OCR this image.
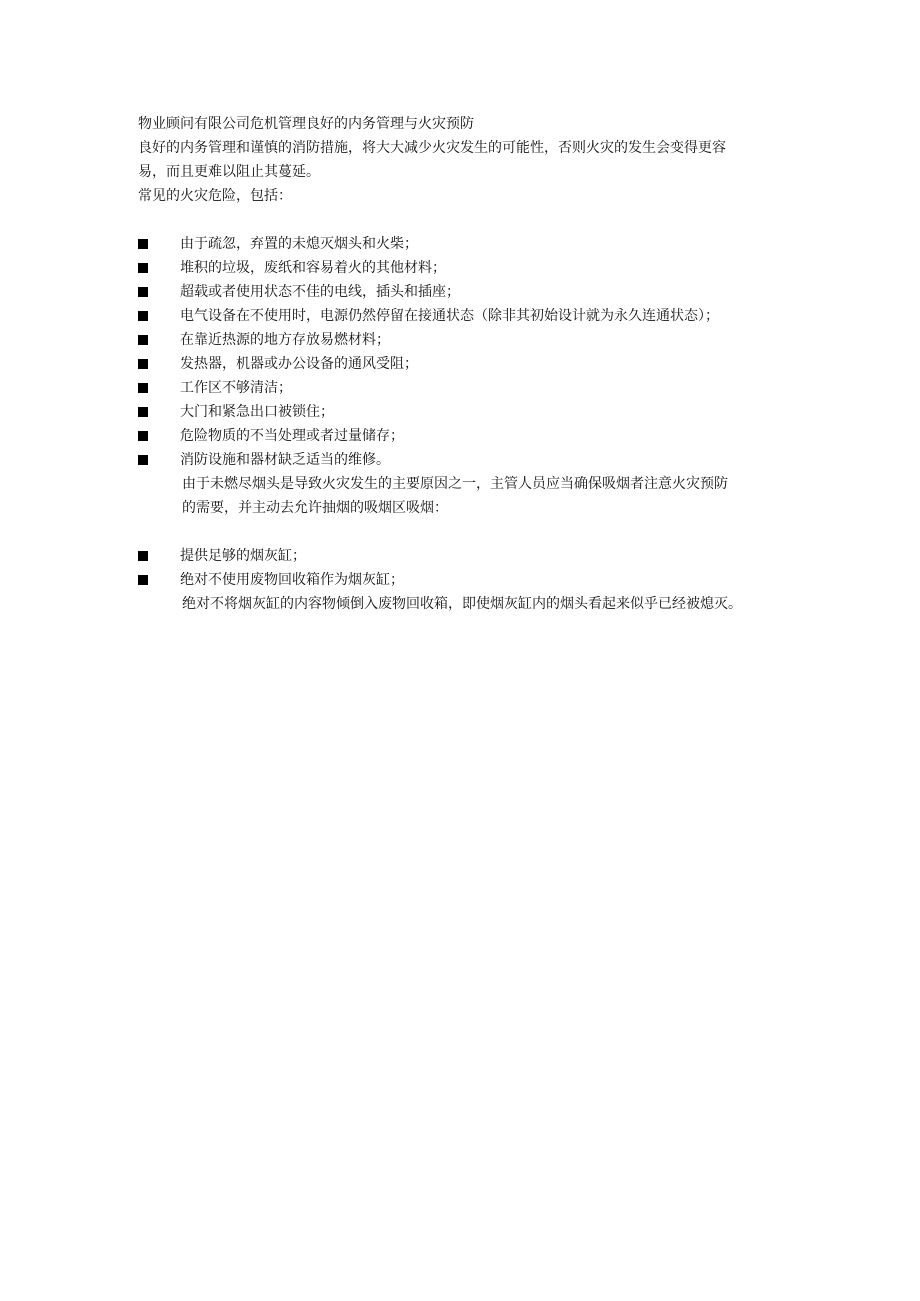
物业顾问有限公司危机管理良好的内务管理与火灾预防
良好的内务管理和谨慎的消防措施，将大大减少火灾发生的可能性，否则火灾的发生会变得更容
易，而且更难以阻止其蔓延。
常见的火灾危险，包括：
由于疏忽，弃置的未熄灭烟头和火柴；
堆积的垃圾，废纸和容易着火的其他材料；
超载或者使用状态不佳的电线，插头和插座；
电气设备在不使用时，电源仍然停留在接通状态（除非其初始设计就为永久连通状态）；
在靠近热源的地方存放易燃材料；
发热器，机器或办公设备的通风受阻；
工作区不够清洁；
大门和紧急出口被锁住；
危险物质的不当处理或者过量储存；
消防设施和器材缺乏适当的维修。
由于未燃尽烟头是导致火灾发生的主要原因之一，主管人员应当确保吸烟者注意火灾预防
的需要，并主动去允许抽烟的吸烟区吸烟：
提供足够的烟灰缸；
绝对不使用废物回收箱作为烟灰缸；
绝对不将烟灰缸的内容物倾倒入废物回收箱，即使烟灰缸内的烟头看起来似乎已经被熄灭。
